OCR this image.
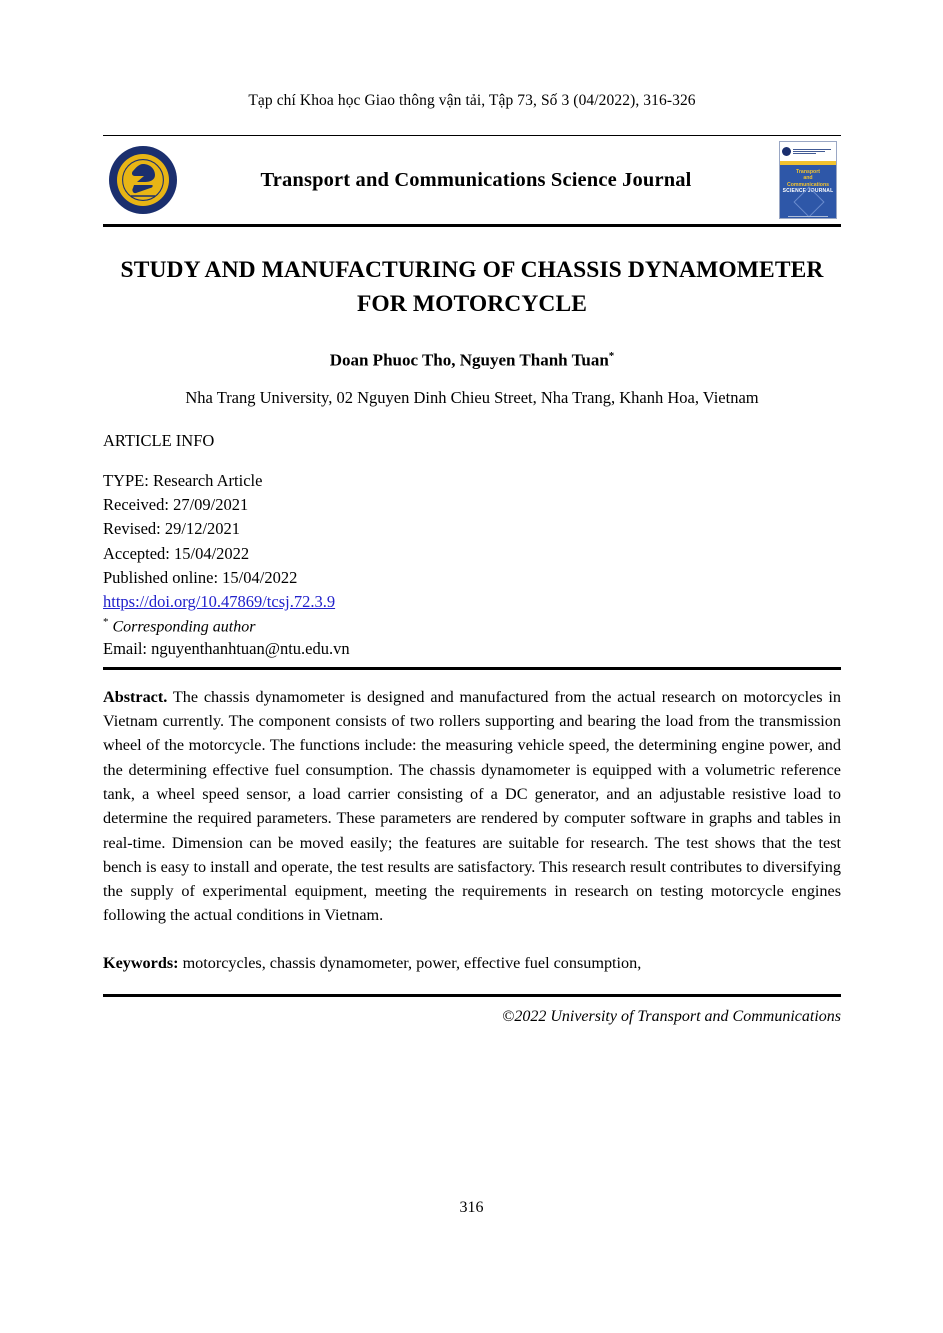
Tạp chí Khoa học Giao thông vận tải, Tập 73, Số 3 (04/2022), 316-326
Transport and Communications Science Journal	Transport
and
Communications
SCIENCE JOURNAL
STUDY AND MANUFACTURING OF CHASSIS DYNAMOMETER FOR MOTORCYCLE
Doan Phuoc Tho, Nguyen Thanh Tuan*
Nha Trang University, 02 Nguyen Dinh Chieu Street, Nha Trang, Khanh Hoa, Vietnam
ARTICLE INFO
TYPE: Research Article
Received: 27/09/2021
Revised: 29/12/2021
Accepted: 15/04/2022
Published online: 15/04/2022
https://doi.org/10.47869/tcsj.72.3.9
* Corresponding author
Email: nguyenthanhtuan@ntu.edu.vn
Abstract. The chassis dynamometer is designed and manufactured from the actual research on motorcycles in Vietnam currently. The component consists of two rollers supporting and bearing the load from the transmission wheel of the motorcycle. The functions include: the measuring vehicle speed, the determining engine power, and the determining effective fuel consumption. The chassis dynamometer is equipped with a volumetric reference tank, a wheel speed sensor, a load carrier consisting of a DC generator, and an adjustable resistive load to determine the required parameters. These parameters are rendered by computer software in graphs and tables in real-time. Dimension can be moved easily; the features are suitable for research. The test shows that the test bench is easy to install and operate, the test results are satisfactory. This research result contributes to diversifying the supply of experimental equipment, meeting the requirements in research on testing motorcycle engines following the actual conditions in Vietnam.
Keywords: motorcycles, chassis dynamometer, power, effective fuel consumption,
©2022 University of Transport and Communications
316
